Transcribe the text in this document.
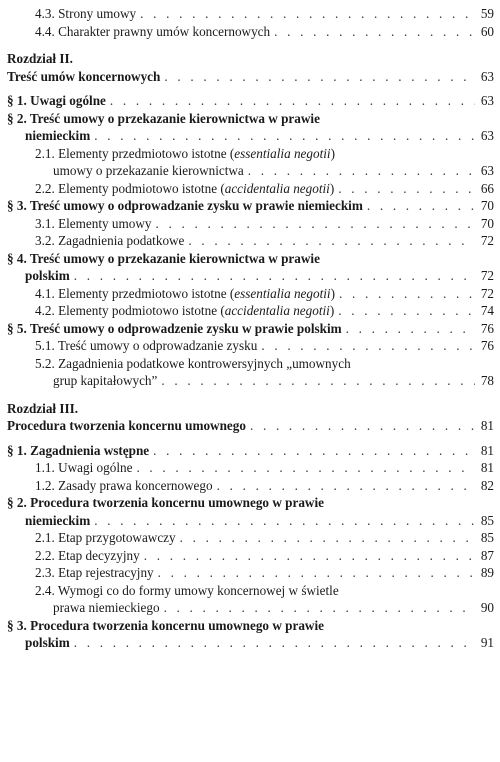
4.3. Strony umowy . . .	59
4.4. Charakter prawny umów koncernowych . . .	60
Rozdział II.
Treść umów koncernowych . . .	63
§ 1. Uwagi ogólne . . .	63
§ 2. Treść umowy o przekazanie kierownictwa w prawie
niemieckim . . .	63
2.1. Elementy przedmiotowo istotne (essentialia negotii)
umowy o przekazanie kierownictwa . . .	63
2.2. Elementy podmiotowo istotne (accidentalia negotii) . . .	66
§ 3. Treść umowy o odprowadzanie zysku w prawie niemieckim . . .	70
3.1. Elementy umowy . . .	70
3.2. Zagadnienia podatkowe . . .	72
§ 4. Treść umowy o przekazanie kierownictwa w prawie
polskim . . .	72
4.1. Elementy przedmiotowo istotne (essentialia negotii) . . .	72
4.2. Elementy podmiotowo istotne (accidentalia negotii) . . .	74
§ 5. Treść umowy o odprowadzenie zysku w prawie polskim . . .	76
5.1. Treść umowy o odprowadzanie zysku . . .	76
5.2. Zagadnienia podatkowe kontrowersyjnych „umownych
grup kapitałowych” . . .	78
Rozdział III.
Procedura tworzenia koncernu umownego . . .	81
§ 1. Zagadnienia wstępne . . .	81
1.1. Uwagi ogólne . . .	81
1.2. Zasady prawa koncernowego . . .	82
§ 2. Procedura tworzenia koncernu umownego w prawie
niemieckim . . .	85
2.1. Etap przygotowawczy . . .	85
2.2. Etap decyzyjny . . .	87
2.3. Etap rejestracyjny . . .	89
2.4. Wymogi co do formy umowy koncernowej w świetle
prawa niemieckiego . . .	90
§ 3. Procedura tworzenia koncernu umownego w prawie
polskim . . .	91
